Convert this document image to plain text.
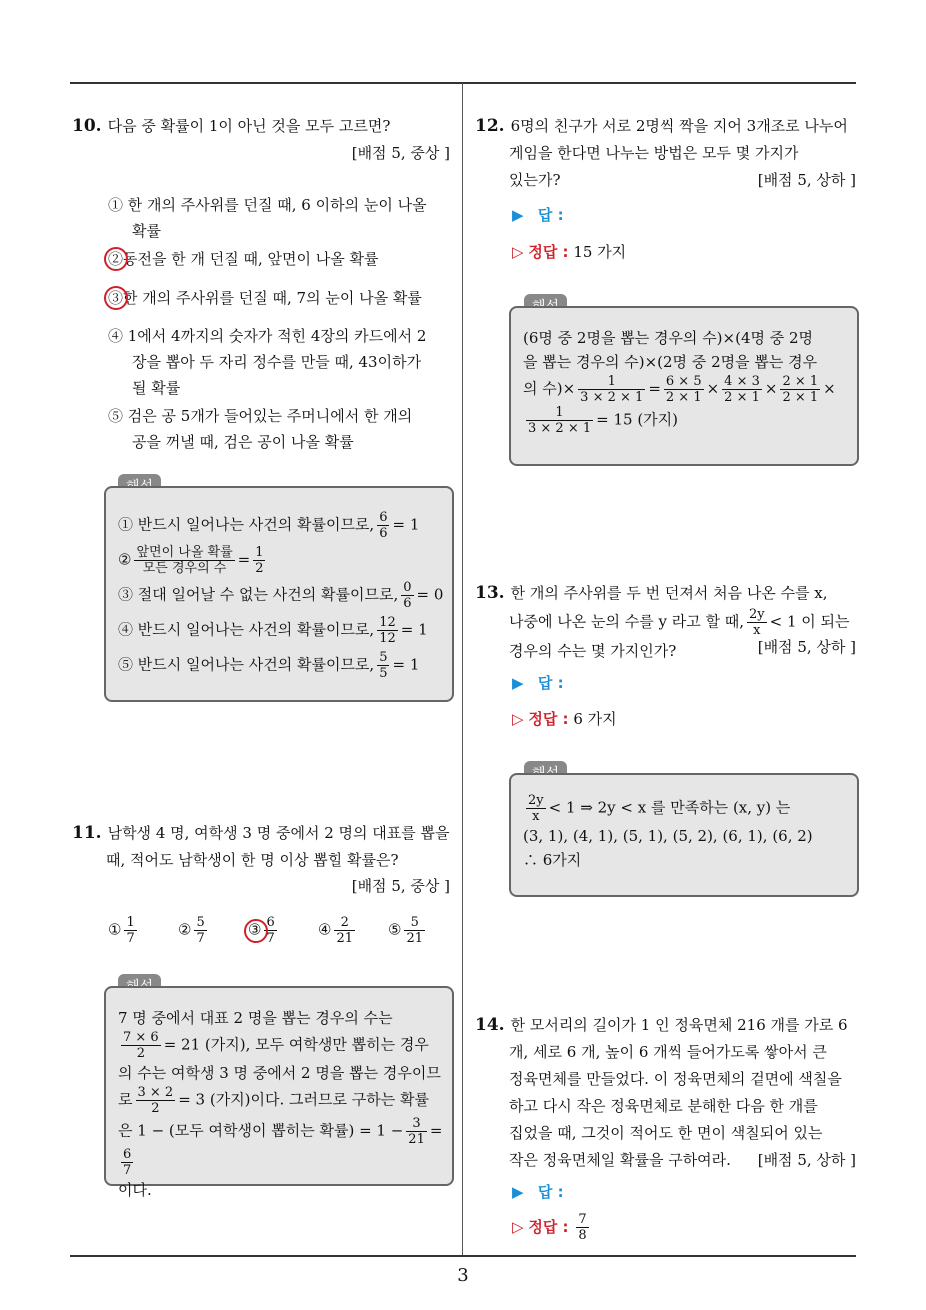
3
10. 다음 중 확률이 1이 아닌 것을 모두 고르면?
[배점 5, 중상 ]
① 한 개의 주사위를 던질 때, 6 이하의 눈이 나올
확률
②동전을 한 개 던질 때, 앞면이 나올 확률
③한 개의 주사위를 던질 때, 7의 눈이 나올 확률
④ 1에서 4까지의 숫자가 적힌 4장의 카드에서 2
장을 뽑아 두 자리 정수를 만들 때, 43이하가
될 확률
⑤ 검은 공 5개가 들어있는 주머니에서 한 개의
공을 꺼낼 때, 검은 공이 나올 확률
① 반드시 일어나는 사건의 확률이므로, $\frac{6}{6} = 1$
② 앞면이 나올 확률
모든 경우의 수 = $\frac{1}{2}$
③ 절대 일어날 수 없는 사건의 확률이므로, $\frac{0}{6} = 0$
④ 반드시 일어나는 사건의 확률이므로, $\frac{12}{12} = 1$
⑤ 반드시 일어나는 사건의 확률이므로, $\frac{5}{5} = 1$
11. 남학생 4 명, 여학생 3 명 중에서 2 명의 대표를 뽑을
때, 적어도 남학생이 한 명 이상 뽑힐 확률은?
[배점 5, 중상 ]
① $\frac{1}{7}$	② $\frac{5}{7}$	③ $\frac{6}{7}$	④ $\frac{2}{21}$ ⑤ $\frac{5}{21}$
7 명 중에서 대표 2 명을 뽑는 경우의 수는
$\frac{7 \times 6}{2} = 21$ (가지), 모두 여학생만 뽑히는 경우
의 수는 여학생 3 명 중에서 2 명을 뽑는 경우이므
로 $\frac{3 \times 2}{2} = 3$ (가지)이다. 그러므로 구하는 확률
은 1 − (모두 여학생이 뽑히는 확률) = $1 - \frac{3}{21}$ =
$\frac{6}{7}$
이다.
12. 6명의 친구가 서로 2명씩 짝을 지어 3개조로 나누어
게임을 한다면 나누는 방법은 모두 몇 가지가
있는가?	[배점 5, 상하 ]
▶ 답 :
▷ 정답 : 15 가지
(6명 중 2명을 뽑는 경우의 수)×(4명 중 2명
을 뽑는 경우의 수)×(2명 중 2명을 뽑는 경우
의 수)× $\frac{1}{3 \times 2 \times 1} = \frac{6 \times 5}{2 \times 1} \times \frac{4 \times 3}{2 \times 1} \times \frac{2 \times 1}{2 \times 1}$ ×
$\frac{1}{3 \times 2 \times 1} = 15$ (가지)
13. 한 개의 주사위를 두 번 던져서 처음 나온 수를 x,
나중에 나온 눈의 수를 y 라고 할 때, $\frac{2y}{x} < 1$ 이 되는
경우의 수는 몇 가지인가?	[배점 5, 상하 ]
▶ 답 :
▷ 정답 : 6 가지
$\frac{2y}{x} < 1$ ⇒ 2y < x 를 만족하는 (x, y) 는
(3, 1), (4, 1), (5, 1), (5, 2), (6, 1), (6, 2)
∴ 6가지
14. 한 모서리의 길이가 1 인 정육면체 216 개를 가로 6
개, 세로 6 개, 높이 6 개씩 들어가도록 쌓아서 큰
정육면체를 만들었다. 이 정육면체의 겉면에 색칠을
하고 다시 작은 정육면체로 분해한 다음 한 개를
집었을 때, 그것이 적어도 한 면이 색칠되어 있는
작은 정육면체일 확률을 구하여라.	[배점 5, 상하 ]
▶ 답 :
▷ 정답 : $\frac{7}{8}$
